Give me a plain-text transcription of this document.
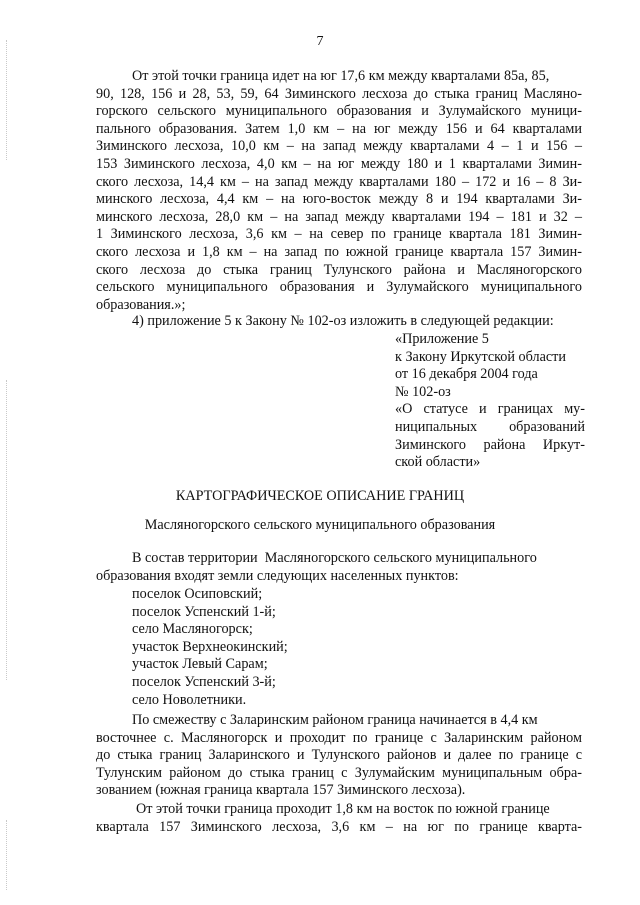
7
От этой точки граница идет на юг 17,6 км между кварталами 85а, 85,
90, 128, 156 и 28, 53, 59, 64 Зиминского лесхоза до стыка границ Масляно-
горского сельского муниципального образования и Зулумайского муници-
пального образования. Затем 1,0 км – на юг между 156 и 64 кварталами
Зиминского лесхоза, 10,0 км – на запад между кварталами 4 – 1 и 156 –
153 Зиминского лесхоза, 4,0 км – на юг между 180 и 1 кварталами Зимин-
ского лесхоза, 14,4 км – на запад между кварталами 180 – 172 и 16 – 8 Зи-
минского лесхоза, 4,4 км – на юго-восток между 8 и 194 кварталами Зи-
минского лесхоза, 28,0 км – на запад между кварталами 194 – 181 и 32 –
1 Зиминского лесхоза, 3,6 км – на север по границе квартала 181 Зимин-
ского лесхоза и 1,8 км – на запад по южной границе квартала 157 Зимин-
ского лесхоза до стыка границ Тулунского района и Масляногорского
сельского муниципального образования и Зулумайского муниципального
образования.»;
4) приложение 5 к Закону № 102-оз изложить в следующей редакции:
«Приложение 5
к Закону Иркутской области
от 16 декабря 2004 года
№ 102-оз
«О статусе и границах му-
ниципальных образований
Зиминского района Иркут-
ской области»
КАРТОГРАФИЧЕСКОЕ ОПИСАНИЕ ГРАНИЦ
Масляногорского сельского муниципального образования
В состав территории  Масляногорского сельского муниципального
образования входят земли следующих населенных пунктов:
поселок Осиповский;
поселок Успенский 1-й;
село Масляногорск;
участок Верхнеокинский;
участок Левый Сарам;
поселок Успенский 3-й;
село Новолетники.
По смежеству с Заларинским районом граница начинается в 4,4 км
восточнее с. Масляногорск и проходит по границе с Заларинским районом
до стыка границ Заларинского и Тулунского районов и далее по границе с
Тулунским районом до стыка границ с Зулумайским муниципальным обра-
зованием (южная граница квартала 157 Зиминского лесхоза).
От этой точки граница проходит 1,8 км на восток по южной границе
квартала 157 Зиминского лесхоза, 3,6 км – на юг по границе кварта-
